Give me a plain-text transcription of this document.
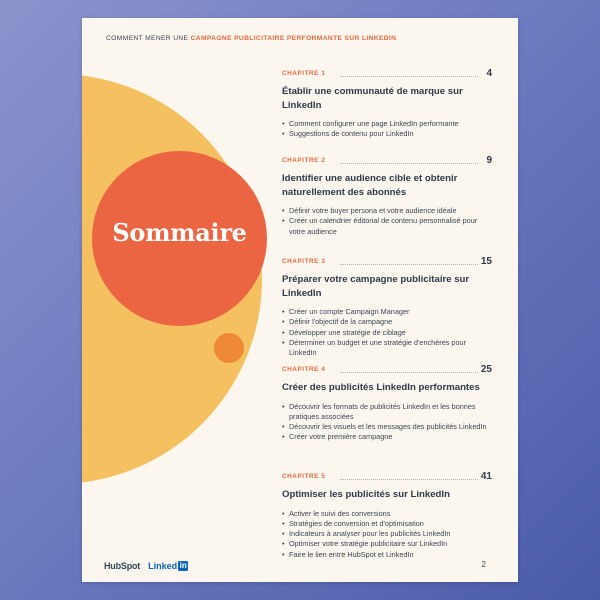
COMMENT MENER UNE CAMPAGNE PUBLICITAIRE PERFORMANTE SUR LINKEDIN
Sommaire
CHAPITRE 1	4
Établir une communauté de marque sur LinkedIn
• Comment configurer une page LinkedIn performante
• Suggestions de contenu pour LinkedIn
CHAPITRE 2	9
Identifier une audience cible et obtenir naturellement des abonnés
• Définir votre buyer persona et votre audience idéale
• Créer un calendrier éditorial de contenu personnalisé pour votre audience
CHAPITRE 3	15
Préparer votre campagne publicitaire sur LinkedIn
• Créer un compte Campaign Manager
• Définir l'objectif de la campagne
• Développer une stratégie de ciblage
• Déterminer un budget et une stratégie d'enchères pour LinkedIn
CHAPITRE 4	25
Créer des publicités LinkedIn performantes
• Découvrir les formats de publicités LinkedIn et les bonnes pratiques associées
• Découvrir les visuels et les messages des publicités LinkedIn
• Créer votre première campagne
CHAPITRE 5	41
Optimiser les publicités sur LinkedIn
• Activer le suivi des conversions
• Stratégies de conversion et d'optimisation
• Indicateurs à analyser pour les publicités LinkedIn
• Optimiser votre stratégie publicitaire sur LinkedIn
• Faire le lien entre HubSpot et LinkedIn
HubSpot Linked in	2
